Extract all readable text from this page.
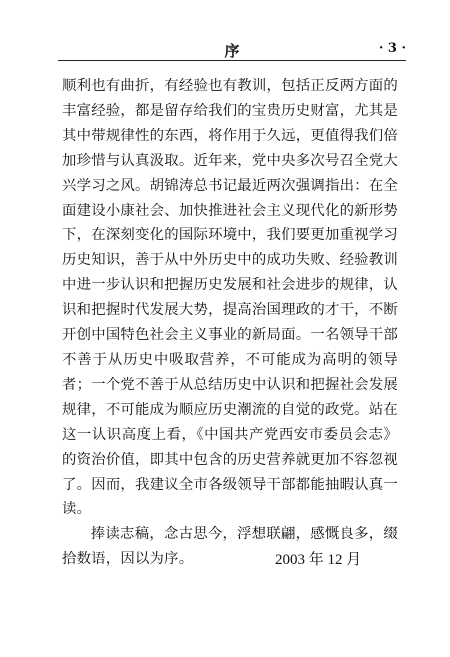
序	· 3 ·

顺利也有曲折，有经验也有教训，包括正反两方面的丰富经验，都是留存给我们的宝贵历史财富，尤其是其中带规律性的东西，将作用于久远，更值得我们倍加珍惜与认真汲取。近年来，党中央多次号召全党大兴学习之风。胡锦涛总书记最近两次强调指出：在全面建设小康社会、加快推进社会主义现代化的新形势下，在深刻变化的国际环境中，我们要更加重视学习历史知识，善于从中外历史中的成功失败、经验教训中进一步认识和把握历史发展和社会进步的规律，认识和把握时代发展大势，提高治国理政的才干，不断开创中国特色社会主义事业的新局面。一名领导干部不善于从历史中吸取营养，不可能成为高明的领导者；一个党不善于从总结历史中认识和把握社会发展规律，不可能成为顺应历史潮流的自觉的政党。站在这一认识高度上看，《中国共产党西安市委员会志》的资治价值，即其中包含的历史营养就更加不容忽视了。因而，我建议全市各级领导干部都能抽暇认真一读。

捧读志稿，念古思今，浮想联翩，感慨良多，缀拾数语，因以为序。	2003 年 12 月
